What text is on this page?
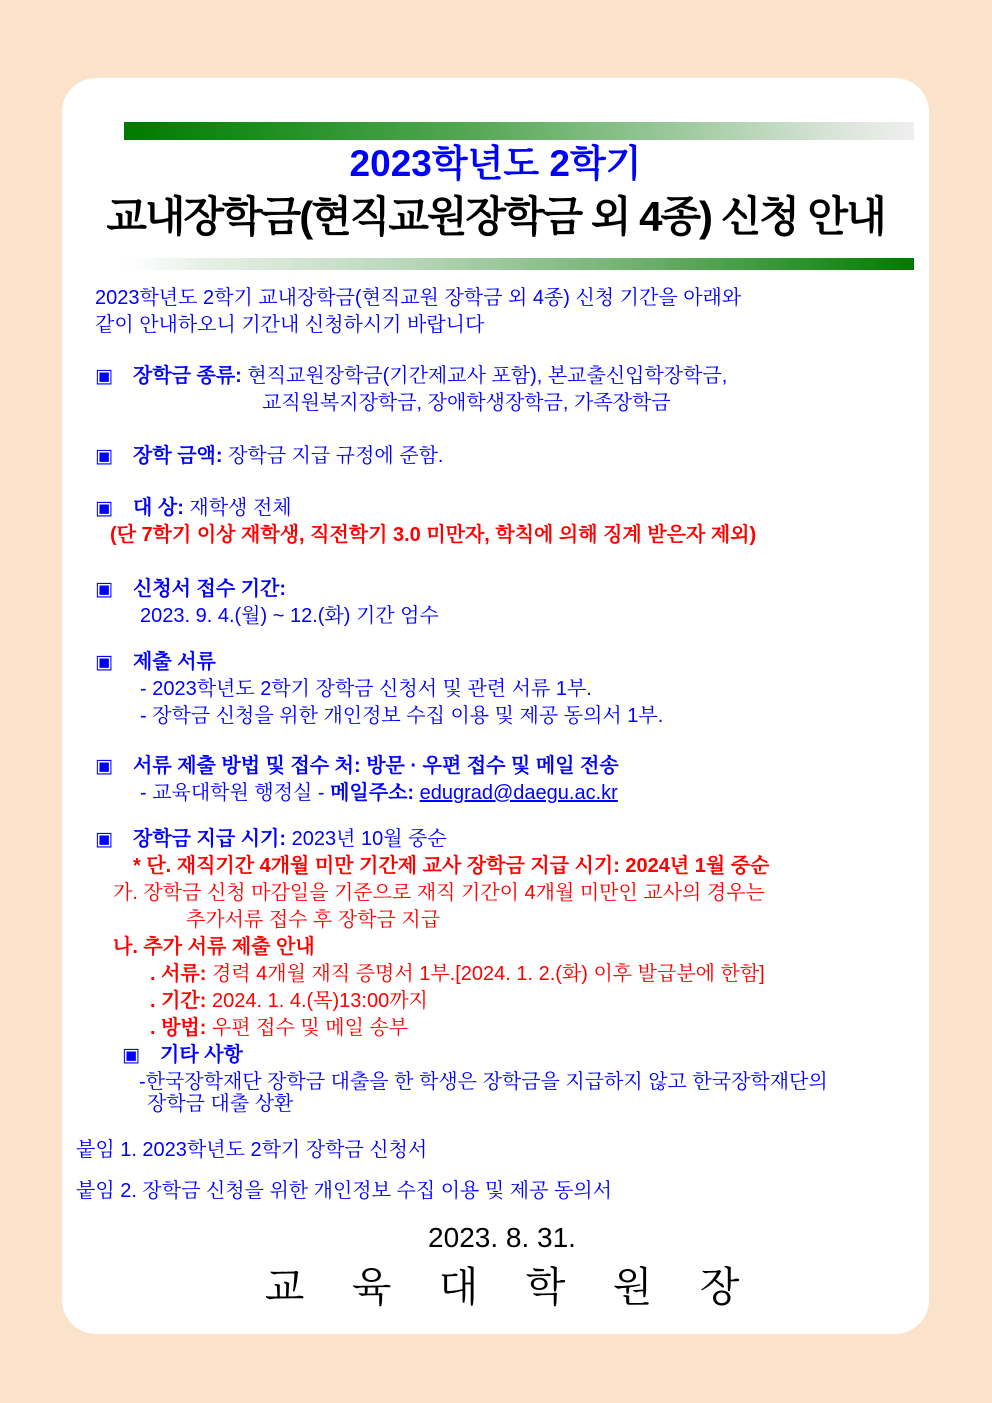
2023학년도 2학기
교내장학금(현직교원장학금 외 4종) 신청 안내
2023학년도 2학기 교내장학금(현직교원 장학금 외 4종) 신청 기간을 아래와
같이 안내하오니 기간내 신청하시기 바랍니다
▣ 장학금 종류: 현직교원장학금(기간제교사 포함), 본교출신입학장학금,
교직원복지장학금, 장애학생장학금, 가족장학금
▣ 장학 금액: 장학금 지급 규정에 준함.
▣ 대 상: 재학생 전체
(단 7학기 이상 재학생, 직전학기 3.0 미만자, 학칙에 의해 징계 받은자 제외)
▣ 신청서 접수 기간:
2023. 9. 4.(월) ~ 12.(화) 기간 엄수
▣ 제출 서류
- 2023학년도 2학기 장학금 신청서 및 관련 서류 1부.
- 장학금 신청을 위한 개인정보 수집 이용 및 제공 동의서 1부.
▣ 서류 제출 방법 및 접수 처: 방문 · 우편 접수 및 메일 전송
- 교육대학원 행정실 - 메일주소: edugrad@daegu.ac.kr
▣ 장학금 지급 시기: 2023년 10월 중순
* 단. 재직기간 4개월 미만 기간제 교사 장학금 지급 시기: 2024년 1월 중순
가. 장학금 신청 마감일을 기준으로 재직 기간이 4개월 미만인 교사의 경우는
추가서류 접수 후 장학금 지급
나. 추가 서류 제출 안내
. 서류: 경력 4개월 재직 증명서 1부.[2024. 1. 2.(화) 이후 발급분에 한함]
. 기간: 2024. 1. 4.(목)13:00까지
. 방법: 우편 접수 및 메일 송부
▣ 기타 사항
-한국장학재단 장학금 대출을 한 학생은 장학금을 지급하지 않고 한국장학재단의
장학금 대출 상환
붙임 1. 2023학년도 2학기 장학금 신청서
붙임 2. 장학금 신청을 위한 개인정보 수집 이용 및 제공 동의서
2023. 8. 31.
교 육 대 학 원 장
